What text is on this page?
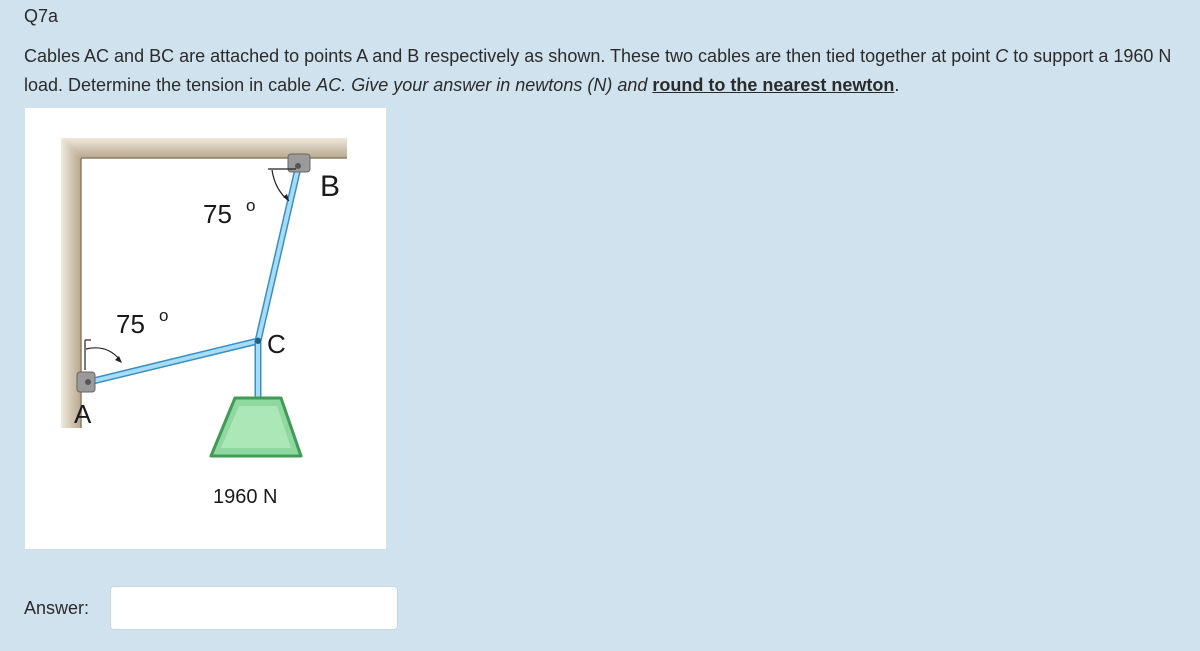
Q7a
Cables AC and BC are attached to points A and B respectively as shown. These two cables are then tied together at point C to support a 1960 N load. Determine the tension in cable AC. Give your answer in newtons (N) and round to the nearest newton.
B
C
A
75 o
75 o
1960 N
Answer:
